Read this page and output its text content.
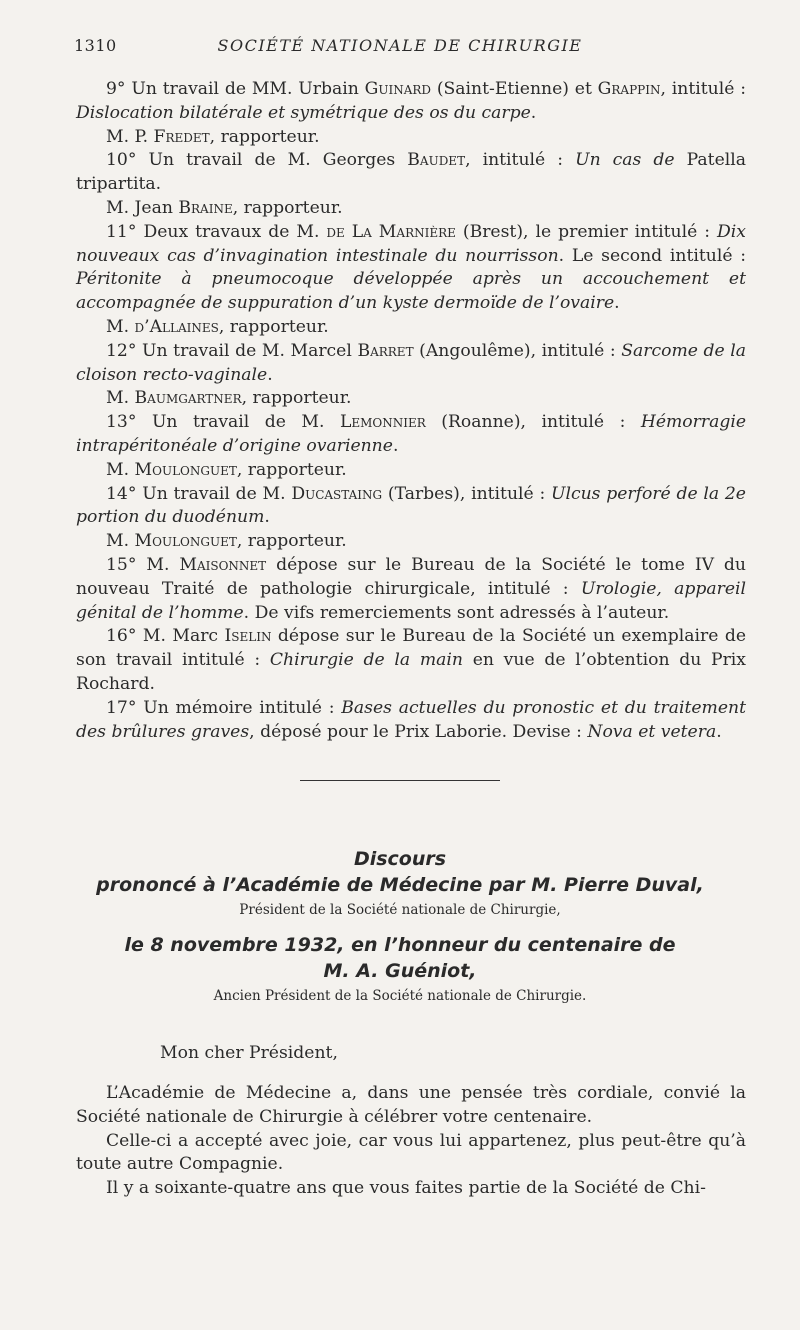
1310	SOCIÉTÉ NATIONALE DE CHIRURGIE

9° Un travail de MM. Urbain Guinard (Saint-Etienne) et Grappin, intitulé : Dislocation bilatérale et symétrique des os du carpe.

M. P. Fredet, rapporteur.

10° Un travail de M. Georges Baudet, intitulé : Un cas de Patella tripartita.

M. Jean Braine, rapporteur.

11° Deux travaux de M. de La Marnière (Brest), le premier intitulé : Dix nouveaux cas d’invagination intestinale du nourrisson. Le second intitulé : Péritonite à pneumocoque développée après un accouchement et accompagnée de suppuration d’un kyste dermoïde de l’ovaire.

M. d’Allaines, rapporteur.

12° Un travail de M. Marcel Barret (Angoulême), intitulé : Sarcome de la cloison recto-vaginale.

M. Baumgartner, rapporteur.

13° Un travail de M. Lemonnier (Roanne), intitulé : Hémorragie intrapéritonéale d’origine ovarienne.

M. Moulonguet, rapporteur.

14° Un travail de M. Ducastaing (Tarbes), intitulé : Ulcus perforé de la 2e portion du duodénum.

M. Moulonguet, rapporteur.

15° M. Maisonnet dépose sur le Bureau de la Société le tome IV du nouveau Traité de pathologie chirurgicale, intitulé : Urologie, appareil génital de l’homme. De vifs remerciements sont adressés à l’auteur.

16° M. Marc Iselin dépose sur le Bureau de la Société un exemplaire de son travail intitulé : Chirurgie de la main en vue de l’obtention du Prix Rochard.

17° Un mémoire intitulé : Bases actuelles du pronostic et du traitement des brûlures graves, déposé pour le Prix Laborie. Devise : Nova et vetera.

Discours
prononcé à l’Académie de Médecine par M. Pierre Duval,
Président de la Société nationale de Chirurgie,
le 8 novembre 1932, en l’honneur du centenaire de
M. A. Guéniot,
Ancien Président de la Société nationale de Chirurgie.

Mon cher Président,

L’Académie de Médecine a, dans une pensée très cordiale, convié la Société nationale de Chirurgie à célébrer votre centenaire.

Celle-ci a accepté avec joie, car vous lui appartenez, plus peut-être qu’à toute autre Compagnie.

Il y a soixante-quatre ans que vous faites partie de la Société de Chi-
